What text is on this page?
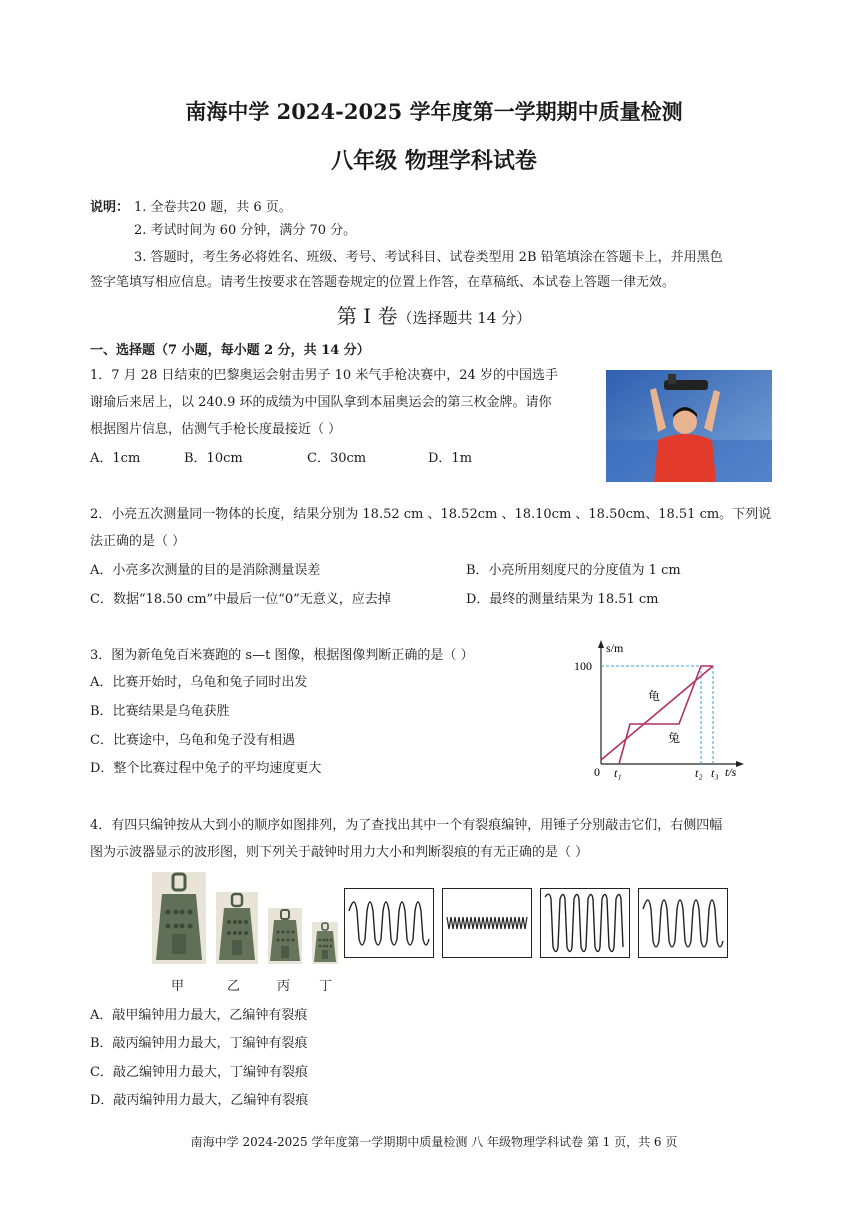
南海中学 2024-2025 学年度第一学期期中质量检测
八年级 物理学科试卷
说明： 1. 全卷共20 题，共 6 页。
2. 考试时间为 60 分钟，满分 70 分。
3. 答题时，考生务必将姓名、班级、考号、考试科目、试卷类型用 2B 铅笔填涂在答题卡上，并用黑色
签字笔填写相应信息。请考生按要求在答题卷规定的位置上作答，在草稿纸、本试卷上答题一律无效。
第 I 卷（选择题共 14 分）
一、选择题（7 小题，每小题 2 分，共 14 分）
1．7 月 28 日结束的巴黎奥运会射击男子 10 米气手枪决赛中，24 岁的中国选手
谢瑜后来居上，以 240.9 环的成绩为中国队拿到本届奥运会的第三枚金牌。请你
根据图片信息，估测气手枪长度最接近（ ）
A．1cm	B．10cm	C．30cm	D．1m
2．小亮五次测量同一物体的长度，结果分别为 18.52 cm 、18.52cm 、18.10cm 、18.50cm、18.51 cm。下列说
法正确的是（ ）
A．小亮多次测量的目的是消除测量误差	B．小亮所用刻度尺的分度值为 1 cm
C．数据“18.50 cm”中最后一位“0”无意义，应去掉	D．最终的测量结果为 18.51 cm
3．图为新龟兔百米赛跑的 s—t 图像，根据图像判断正确的是（ ）
A．比赛开始时，乌龟和兔子同时出发
B．比赛结果是乌龟获胜
C．比赛途中，乌龟和兔子没有相遇
D．整个比赛过程中兔子的平均速度更大
s/m
100
0 t₁	t₂ t₃ t/s
龟
兔
4．有四只编钟按从大到小的顺序如图排列，为了查找出其中一个有裂痕编钟，用锤子分别敲击它们，右侧四幅
图为示波器显示的波形图，则下列关于敲钟时用力大小和判断裂痕的有无正确的是（ ）
甲	乙	丙 丁
A．敲甲编钟用力最大，乙编钟有裂痕
B．敲丙编钟用力最大，丁编钟有裂痕
C．敲乙编钟用力最大，丁编钟有裂痕
D．敲丙编钟用力最大，乙编钟有裂痕
南海中学 2024-2025 学年度第一学期期中质量检测 八 年级物理学科试卷 第 1 页，共 6 页
